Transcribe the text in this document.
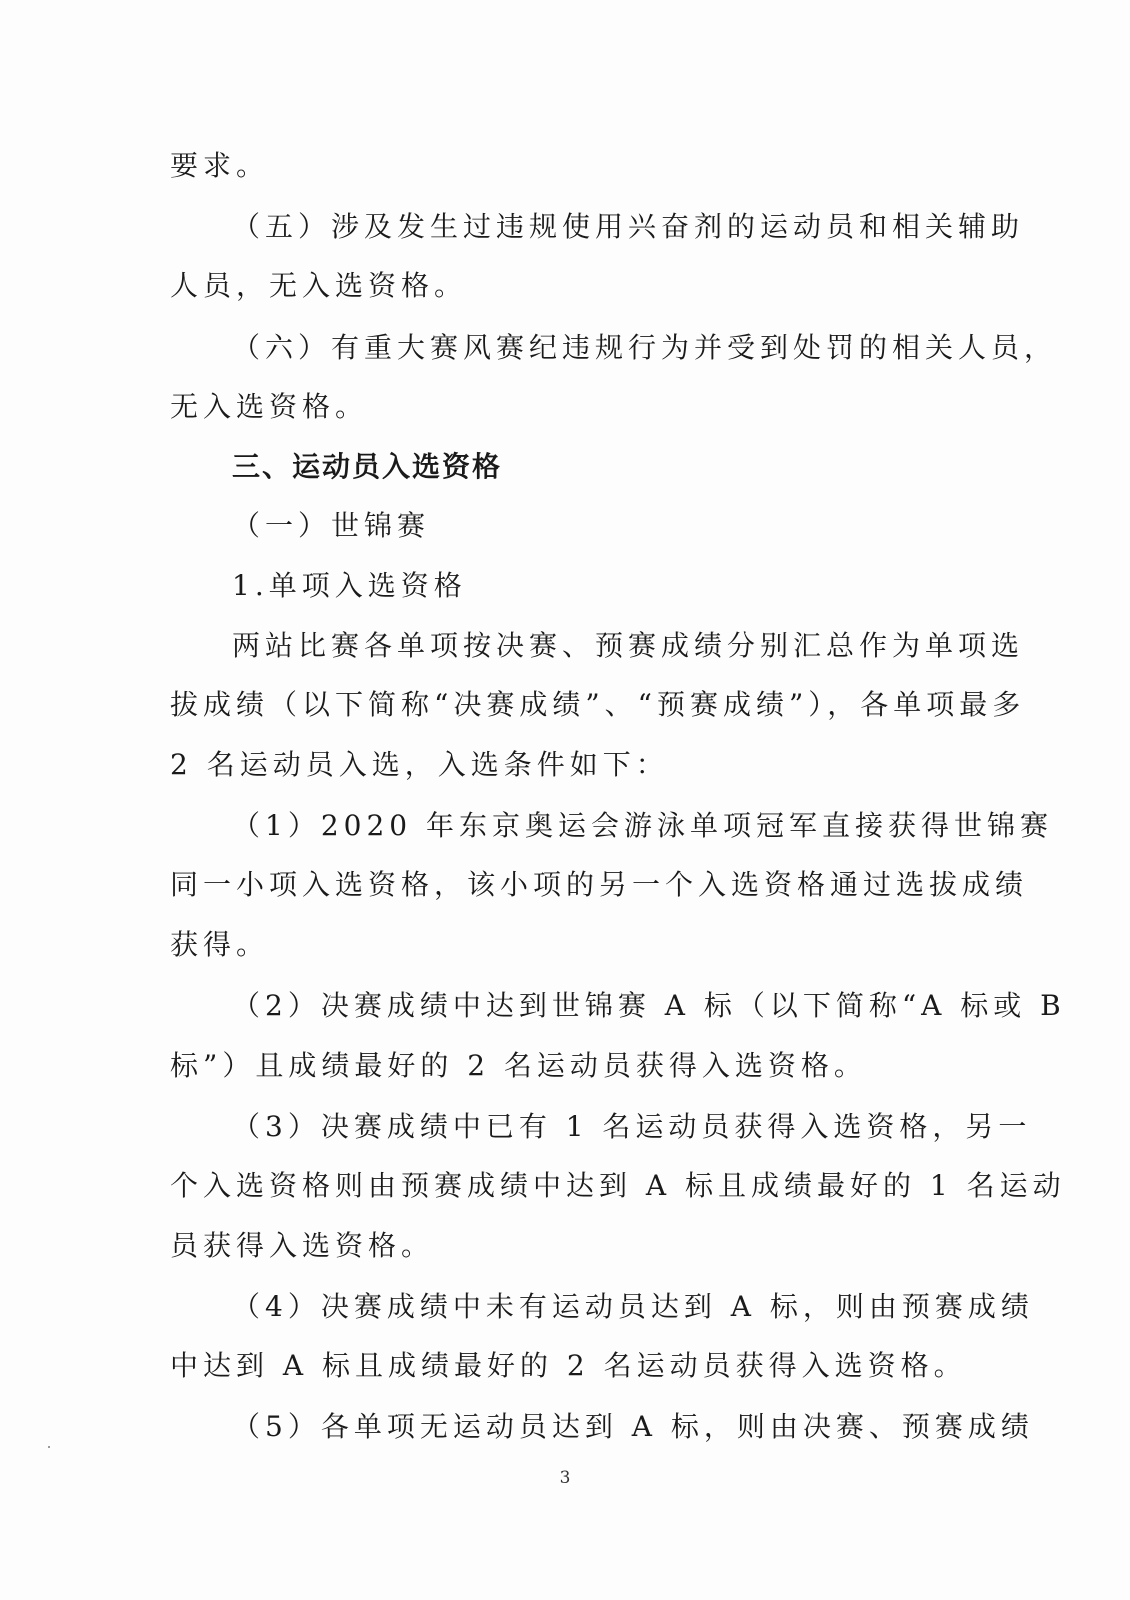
要求。
（五）涉及发生过违规使用兴奋剂的运动员和相关辅助
人员，无入选资格。
（六）有重大赛风赛纪违规行为并受到处罚的相关人员，
无入选资格。
三、运动员入选资格
（一）世锦赛
1.单项入选资格
两站比赛各单项按决赛、预赛成绩分别汇总作为单项选
拔成绩（以下简称“决赛成绩”、“预赛成绩”），各单项最多
2 名运动员入选，入选条件如下：
（1）2020 年东京奥运会游泳单项冠军直接获得世锦赛
同一小项入选资格，该小项的另一个入选资格通过选拔成绩
获得。
（2）决赛成绩中达到世锦赛 A 标（以下简称“A 标或 B
标”）且成绩最好的 2 名运动员获得入选资格。
（3）决赛成绩中已有 1 名运动员获得入选资格，另一
个入选资格则由预赛成绩中达到 A 标且成绩最好的 1 名运动
员获得入选资格。
（4）决赛成绩中未有运动员达到 A 标，则由预赛成绩
中达到 A 标且成绩最好的 2 名运动员获得入选资格。
（5）各单项无运动员达到 A 标，则由决赛、预赛成绩
3
